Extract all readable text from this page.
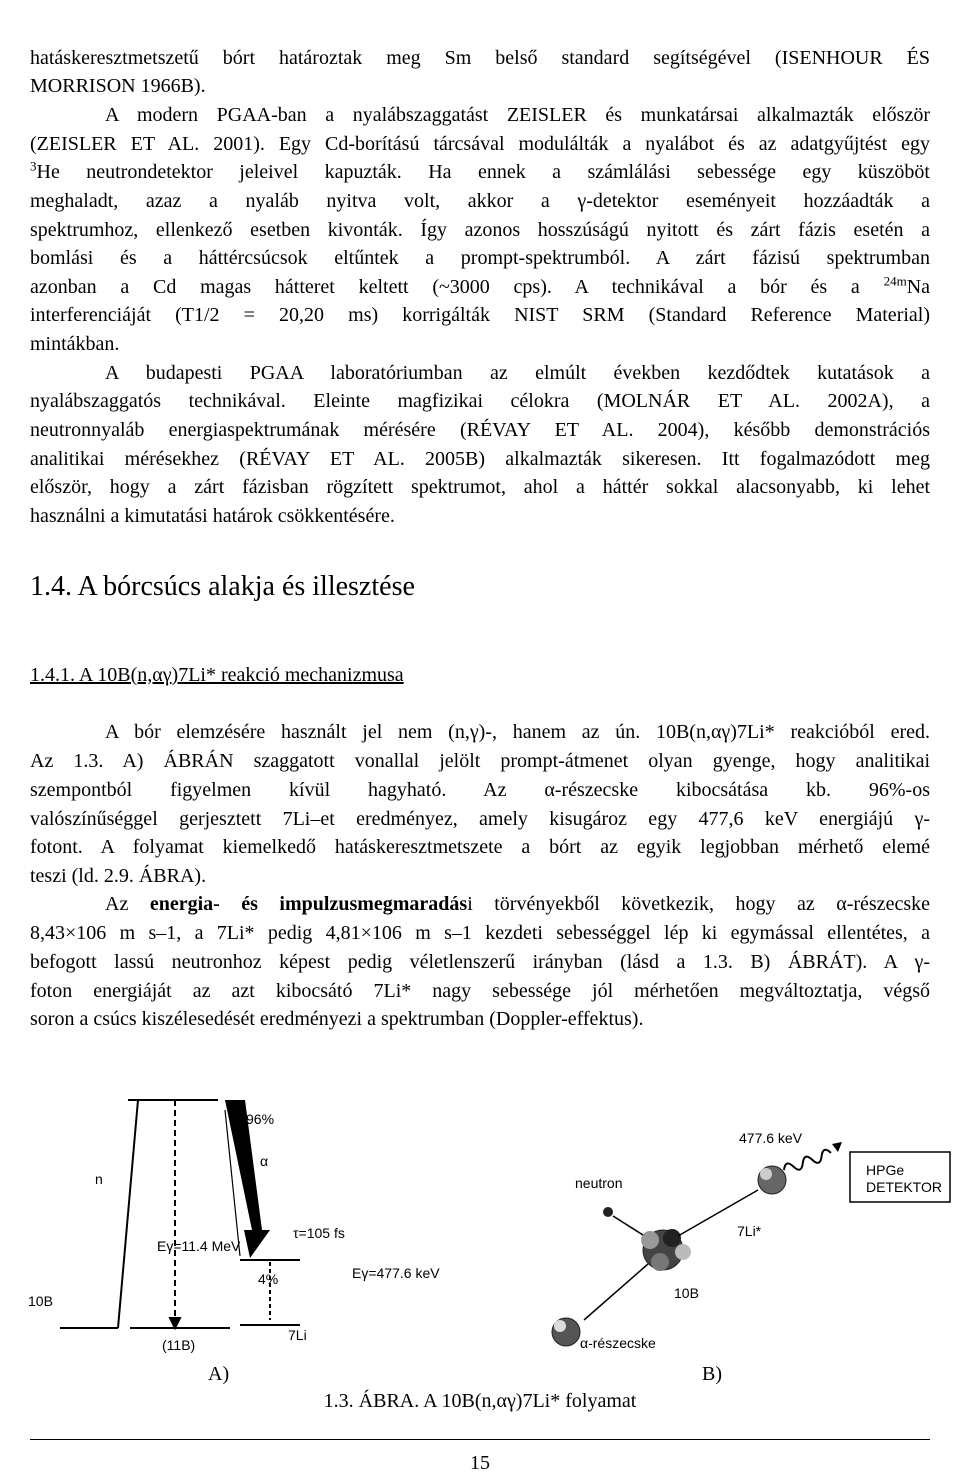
hatáskeresztmetszetű bórt határoztak meg Sm belső standard segítségével (ISENHOUR ÉS
MORRISON 1966B).
A modern PGAA-ban a nyalábszaggatást ZEISLER és munkatársai alkalmazták először
(ZEISLER ET AL. 2001). Egy Cd-borítású tárcsával modulálták a nyalábot és az adatgyűjtést egy
$^3$He neutrondetektor jeleivel kapuzták. Ha ennek a számlálási sebessége egy küszöböt
meghaladt, azaz a nyaláb nyitva volt, akkor a γ-detektor eseményeit hozzáadták a
spektrumhoz, ellenkező esetben kivonták. Így azonos hosszúságú nyitott és zárt fázis esetén a
bomlási és a háttércsúcsok eltűntek a prompt-spektrumból. A zárt fázisú spektrumban
azonban a Cd magas hátteret keltett (~3000 cps). A technikával a bór és a $^{24m}$Na
interferenciáját (T1/2 = 20,20 ms) korrigálták NIST SRM (Standard Reference Material)
mintákban.
A budapesti PGAA laboratóriumban az elmúlt években kezdődtek kutatások a
nyalábszaggatós technikával. Eleinte magfizikai célokra (MOLNÁR ET AL. 2002A), a
neutronnyaláb energiaspektrumának mérésére (RÉVAY ET AL. 2004), később demonstrációs
analitikai mérésekhez (RÉVAY ET AL. 2005B) alkalmazták sikeresen. Itt fogalmazódott meg
először, hogy a zárt fázisban rögzített spektrumot, ahol a háttér sokkal alacsonyabb, ki lehet
használni a kimutatási határok csökkentésére.
1.4. A bórcsúcs alakja és illesztése
1.4.1. A 10B(n,αγ)7Li* reakció mechanizmusa
A bór elemzésére használt jel nem (n,γ)-, hanem az ún. 10B(n,αγ)7Li* reakcióból ered.
Az 1.3. A) ÁBRÁN szaggatott vonallal jelölt prompt-átmenet olyan gyenge, hogy analitikai
szempontból figyelmen kívül hagyható. Az α-részecske kibocsátása kb. 96%-os
valószínűséggel gerjesztett 7Li–et eredményez, amely kisugároz egy 477,6 keV energiájú γ-
fotont. A folyamat kiemelkedő hatáskeresztmetszete a bórt az egyik legjobban mérhető elemé
teszi (ld. 2.9. ÁBRA).
Az energia- és impulzusmegmaradási törvényekből következik, hogy az α-részecske
8,43×106 m s–1, a 7Li* pedig 4,81×106 m s–1 kezdeti sebességgel lép ki egymással ellentétes, a
befogott lassú neutronhoz képest pedig véletlenszerű irányban (lásd a 1.3. B) ÁBRÁT). A γ-
foton energiáját az azt kibocsátó 7Li* nagy sebessége jól mérhetően megváltoztatja, végső
soron a csúcs kiszélesedését eredményezi a spektrumban (Doppler-effektus).
96%
n
α
Eγ=11.4 MeV
τ=105 fs
4%	Eγ=477.6 keV
10B
(11B)
7Li
477.6 keV
neutron
HPGe
DETEKTOR
7Li*
10B
α-részecske
A)	B)
1.3. ÁBRA. A 10B(n,αγ)7Li* folyamat
15
